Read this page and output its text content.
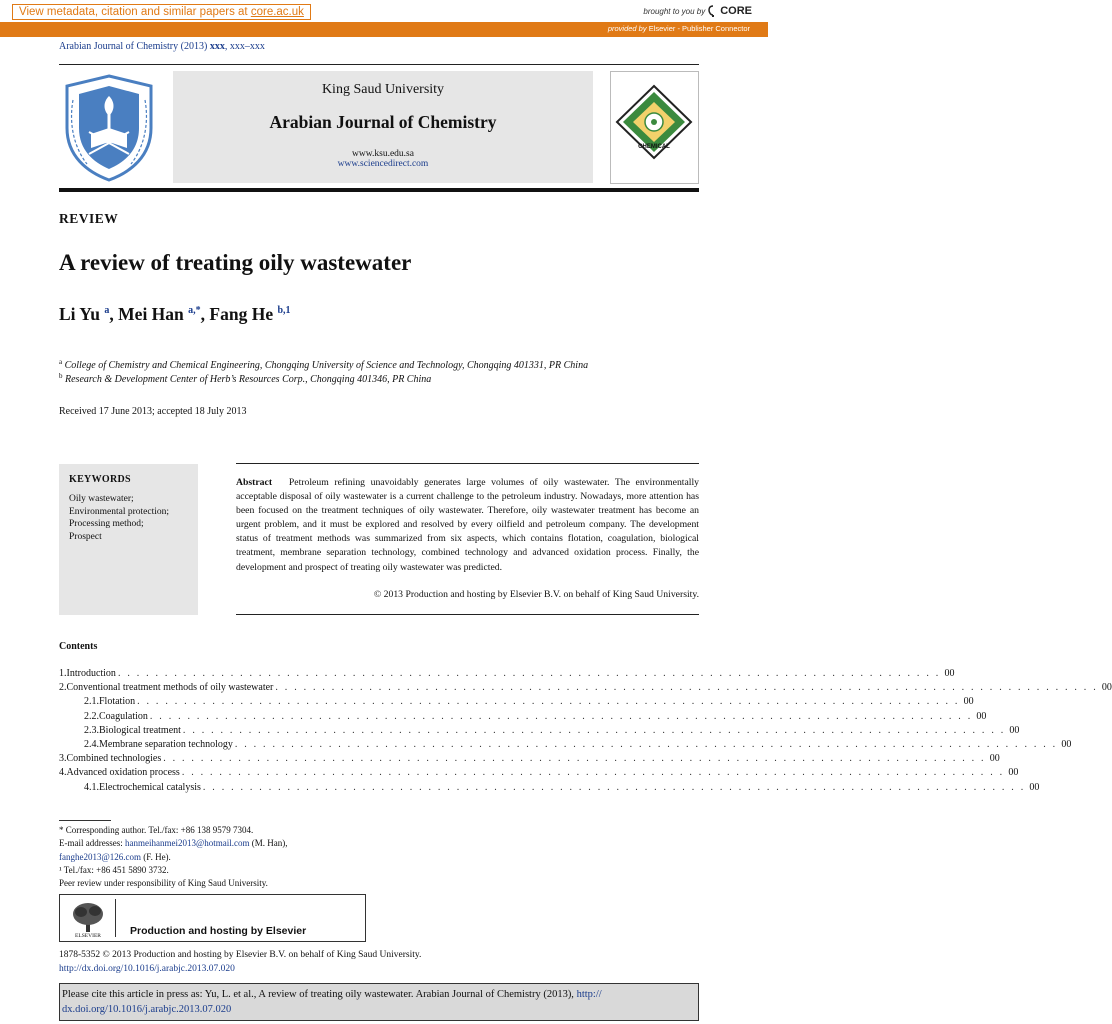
View metadata, citation and similar papers at core.ac.uk	brought to you by CORE
provided by Elsevier - Publisher Connector
Arabian Journal of Chemistry (2013) xxx, xxx–xxx
King Saud University
Arabian Journal of Chemistry
www.ksu.edu.sa
www.sciencedirect.com
CHEMICAL
REVIEW
A review of treating oily wastewater
Li Yu $^a$, Mei Han $^{a,*}$, Fang He $^{b,1}$
$^a$ College of Chemistry and Chemical Engineering, Chongqing University of Science and Technology, Chongqing 401331, PR China
$^b$ Research & Development Center of Herb’s Resources Corp., Chongqing 401346, PR China
Received 17 June 2013; accepted 18 July 2013
KEYWORDS
Oily wastewater;
Environmental protection;
Processing method;
Prospect
Abstract Petroleum refining unavoidably generates large volumes of oily wastewater. The environmentally acceptable disposal of oily wastewater is a current challenge to the petroleum industry. Nowadays, more attention has been focused on the treatment techniques of oily wastewater. Therefore, oily wastewater treatment has become an urgent problem, and it must be explored and resolved by every oilfield and petroleum company. The development status of treatment methods was summarized from six aspects, which contains flotation, coagulation, biological treatment, membrane separation technology, combined technology and advanced oxidation process. Finally, the development and prospect of treating oily wastewater was predicted.
© 2013 Production and hosting by Elsevier B.V. on behalf of King Saud University.
Contents
1. Introduction . . . . . . . . . . . . . . . . . . . . . . . . . . . . . . . . . . . . . . . . . . . . . . . . . . . . . . . . . . . . . . . . . . . . . . . . . . . . . . . . . . . . . . . . 00
2. Conventional treatment methods of oily wastewater . . . . . . . . . . . . . . . . . . . . . . . . . . . . . . . . . . . . . . . . . . . . . . . . . . . . . . . . . . . . . . . . . . . . . . . . . . . . . . . . . . . . . . . . 00
2.1. Flotation . . . . . . . . . . . . . . . . . . . . . . . . . . . . . . . . . . . . . . . . . . . . . . . . . . . . . . . . . . . . . . . . . . . . . . . . . . . . . . . . . . . . . . . . 00
2.2. Coagulation . . . . . . . . . . . . . . . . . . . . . . . . . . . . . . . . . . . . . . . . . . . . . . . . . . . . . . . . . . . . . . . . . . . . . . . . . . . . . . . . . . . . . . . . 00
2.3. Biological treatment . . . . . . . . . . . . . . . . . . . . . . . . . . . . . . . . . . . . . . . . . . . . . . . . . . . . . . . . . . . . . . . . . . . . . . . . . . . . . . . . . . . . . . . . 00
2.4. Membrane separation technology . . . . . . . . . . . . . . . . . . . . . . . . . . . . . . . . . . . . . . . . . . . . . . . . . . . . . . . . . . . . . . . . . . . . . . . . . . . . . . . . . . . . . . . . 00
3. Combined technologies . . . . . . . . . . . . . . . . . . . . . . . . . . . . . . . . . . . . . . . . . . . . . . . . . . . . . . . . . . . . . . . . . . . . . . . . . . . . . . . . . . . . . . . . 00
4. Advanced oxidation process . . . . . . . . . . . . . . . . . . . . . . . . . . . . . . . . . . . . . . . . . . . . . . . . . . . . . . . . . . . . . . . . . . . . . . . . . . . . . . . . . . . . . . . . 00
4.1. Electrochemical catalysis . . . . . . . . . . . . . . . . . . . . . . . . . . . . . . . . . . . . . . . . . . . . . . . . . . . . . . . . . . . . . . . . . . . . . . . . . . . . . . . . . . . . . . . . 00
* Corresponding author. Tel./fax: +86 138 9579 7304.
E-mail addresses: hanmeihanmei2013@hotmail.com (M. Han),
fanghe2013@126.com (F. He).
¹ Tel./fax: +86 451 5890 3732.
Peer review under responsibility of King Saud University.
ELSEVIER	Production and hosting by Elsevier
1878-5352 © 2013 Production and hosting by Elsevier B.V. on behalf of King Saud University.
http://dx.doi.org/10.1016/j.arabjc.2013.07.020
Please cite this article in press as: Yu, L. et al., A review of treating oily wastewater. Arabian Journal of Chemistry (2013), http://
dx.doi.org/10.1016/j.arabjc.2013.07.020
